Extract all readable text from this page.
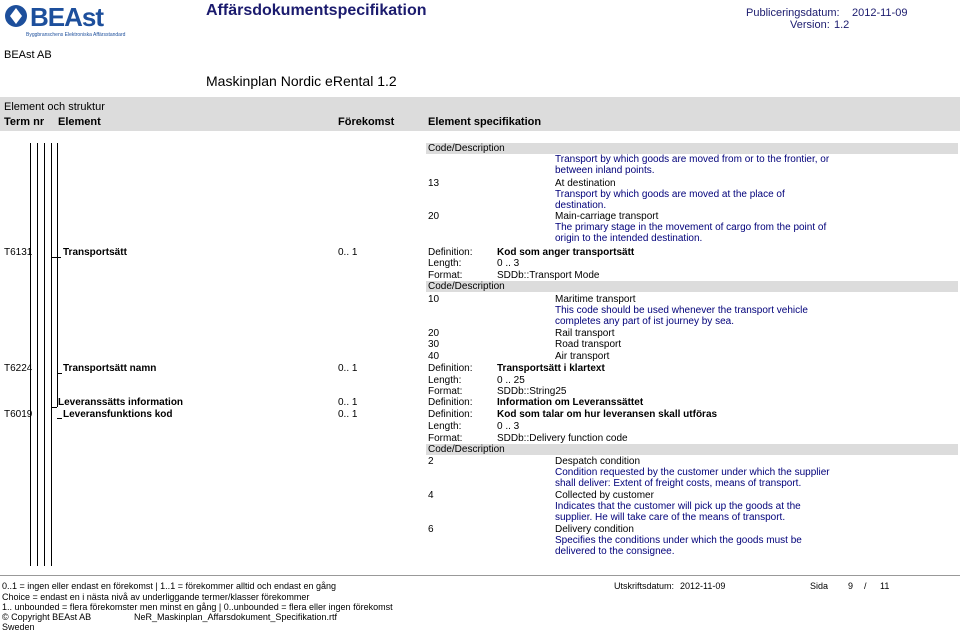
BEAst
Byggbranschens Elektroniska Affärsstandard
Affärsdokumentspecifikation	Publiceringsdatum: 2012-11-09
Version: 1.2
BEAst AB
Maskinplan Nordic eRental 1.2
Element och struktur
Term nr Element	Förekomst	Element specifikation
Code/Description
Transport by which goods are moved from or to the frontier, or
between inland points.
13	At destination
Transport by which goods are moved at the place of
destination.
20	Main-carriage transport
The primary stage in the movement of cargo from the point of
origin to the intended destination.
T6131	Transportsätt	0.. 1	Definition: Kod som anger transportsätt
Length:	0 .. 3
Format:	SDDb::Transport Mode
Code/Description
10	Maritime transport
This code should be used whenever the transport vehicle
completes any part of ist journey by sea.
20	Rail transport
30	Road transport
40	Air transport
T6224	Transportsätt namn	0.. 1	Definition: Transportsätt i klartext
Length:	0 .. 25
Format:	SDDb::String25
Leveranssätts information	0.. 1	Definition: Information om Leveranssättet
T6019	Leveransfunktions kod	0.. 1	Definition: Kod som talar om hur leveransen skall utföras
Length:	0 .. 3
Format:	SDDb::Delivery function code
Code/Description
2	Despatch condition
Condition requested by the customer under which the supplier
shall deliver: Extent of freight costs, means of transport.
4	Collected by customer
Indicates that the customer will pick up the goods at the
supplier. He will take care of the means of transport.
6	Delivery condition
Specifies the conditions under which the goods must be
delivered to the consignee.
0..1 = ingen eller endast en förekomst | 1..1 = förekommer alltid och endast en gång
Choice = endast en i nästa nivå av underliggande termer/klasser förekommer
1.. unbounded = flera förekomster men minst en gång | 0..unbounded = flera eller ingen förekomst
© Copyright BEAst AB	NeR_Maskinplan_Affarsdokument_Specifikation.rtf
Sweden
Utskriftsdatum: 2012-11-09	Sida 9 / 11
